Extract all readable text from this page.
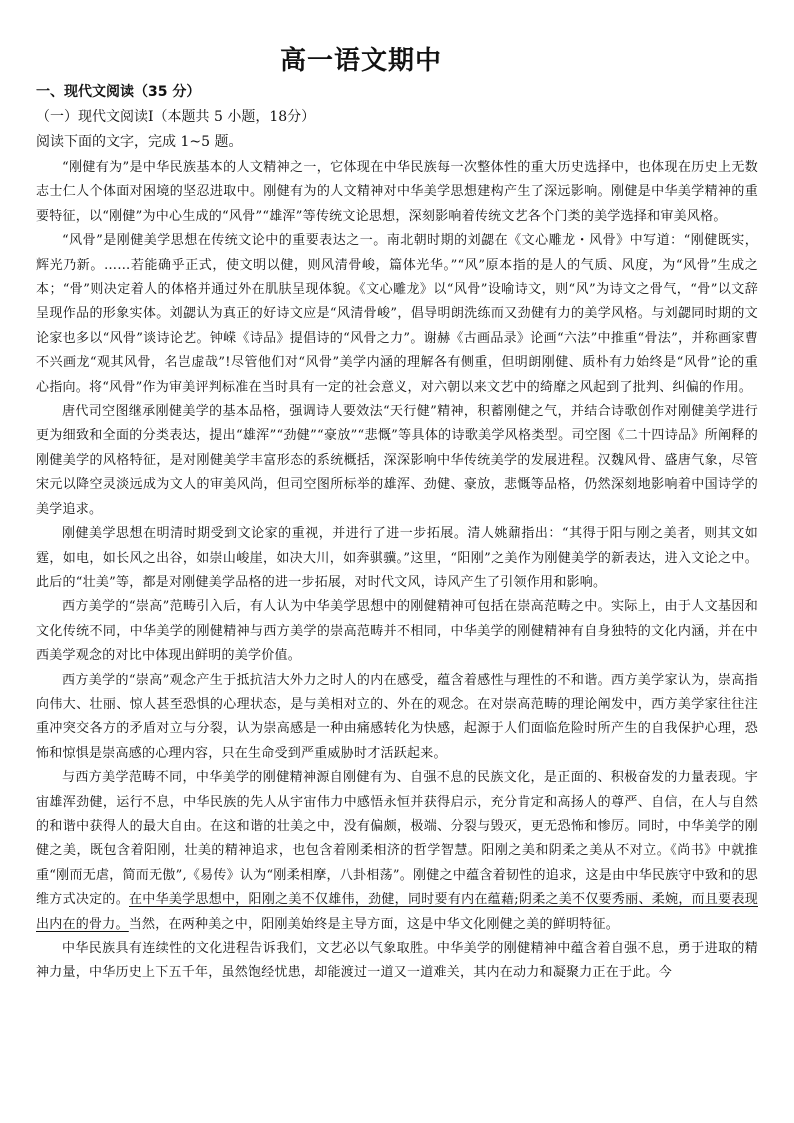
高一语文期中
一、现代文阅读（35 分）
（一）现代文阅读Ⅰ（本题共 5 小题，18分）
阅读下面的文字，完成 1~5 题。

“刚健有为”是中华民族基本的人文精神之一，它体现在中华民族每一次整体性的重大历史选择中，也体现在历史上无数志士仁人个体面对困境的坚忍进取中。刚健有为的人文精神对中华美学思想建构产生了深远影响。刚健是中华美学精神的重要特征，以“刚健”为中心生成的“风骨”“雄浑”等传统文论思想，深刻影响着传统文艺各个门类的美学选择和审美风格。

“风骨”是刚健美学思想在传统文论中的重要表达之一。南北朝时期的刘勰在《文心雕龙・风骨》中写道：“刚健既实，辉光乃新。……若能确乎正式，使文明以健，则风清骨峻，篇体光华。”“风”原本指的是人的气质、风度，为“风骨”生成之本；“骨”则决定着人的体格并通过外在肌肤呈现体貌。《文心雕龙》以“风骨”设喻诗文，则“风”为诗文之骨气，“骨”以文辞呈现作品的形象实体。刘勰认为真正的好诗文应是“风清骨峻”，倡导明朗洗练而又劲健有力的美学风格。与刘勰同时期的文论家也多以“风骨”谈诗论艺。钟嵘《诗品》提倡诗的“风骨之力”。谢赫《古画品录》论画“六法”中推重“骨法”，并称画家曹不兴画龙“观其风骨，名岂虚哉”!尽管他们对“风骨”美学内涵的理解各有侧重，但明朗刚健、质朴有力始终是“风骨”论的重心指向。将“风骨”作为审美评判标准在当时具有一定的社会意义，对六朝以来文艺中的绮靡之风起到了批判、纠偏的作用。

唐代司空图继承刚健美学的基本品格，强调诗人要效法“天行健”精神，积蓄刚健之气，并结合诗歌创作对刚健美学进行更为细致和全面的分类表达，提出“雄浑”“劲健”“豪放”“悲慨”等具体的诗歌美学风格类型。司空图《二十四诗品》所阐释的刚健美学的风格特征，是对刚健美学丰富形态的系统概括，深深影响中华传统美学的发展进程。汉魏风骨、盛唐气象，尽管宋元以降空灵淡远成为文人的审美风尚，但司空图所标举的雄浑、劲健、豪放，悲慨等品格，仍然深刻地影响着中国诗学的美学追求。

刚健美学思想在明清时期受到文论家的重视，并进行了进一步拓展。清人姚鼐指出：“其得于阳与刚之美者，则其文如霆，如电，如长风之出谷，如崇山峻崖，如决大川，如奔骐骥。”这里，“阳刚”之美作为刚健美学的新表达，进入文论之中。此后的“壮美”等，都是对刚健美学品格的进一步拓展，对时代文风，诗风产生了引领作用和影响。

西方美学的“崇高”范畴引入后，有人认为中华美学思想中的刚健精神可包括在崇高范畴之中。实际上，由于人文基因和文化传统不同，中华美学的刚健精神与西方美学的崇高范畴并不相同，中华美学的刚健精神有自身独特的文化内涵，并在中西美学观念的对比中体现出鲜明的美学价值。

西方美学的“崇高”观念产生于抵抗洁大外力之时人的内在感受，蕴含着感性与理性的不和谐。西方美学家认为，崇高指向伟大、壮丽、惊人甚至恐惧的心理状态，是与美相对立的、外在的观念。在对崇高范畴的理论阐发中，西方美学家往往注重冲突交各方的矛盾对立与分裂，认为崇高感是一种由痛感转化为快感，起源于人们面临危险时所产生的自我保护心理，恐怖和惊惧是崇高感的心理内容，只在生命受到严重威胁时才活跃起来。

与西方美学范畴不同，中华美学的刚健精神源自刚健有为、自强不息的民族文化，是正面的、积极奋发的力量表现。宇宙雄浑劲健，运行不息，中华民族的先人从宇宙伟力中感悟永恒并获得启示，充分肯定和高扬人的尊严、自信，在人与自然的和谐中获得人的最大自由。在这和谐的壮美之中，没有偏颇，极端、分裂与毁灭，更无恐怖和惨厉。同时，中华美学的刚健之美，既包含着阳刚，壮美的精神追求，也包含着刚柔相济的哲学智慧。阳刚之美和阴柔之美从不对立。《尚书》中就推重“刚而无虐，简而无傲”,《易传》认为“刚柔相摩，八卦相荡”。刚健之中蕴含着韧性的追求，这是由中华民族守中致和的思维方式决定的。在中华美学思想中，阳刚之美不仅雄伟，劲健，同时要有内在蕴藉;阴柔之美不仅要秀丽、柔婉，而且要表现出内在的骨力。当然，在两种美之中，阳刚美始终是主导方面，这是中华文化刚健之美的鲜明特征。

中华民族具有连续性的文化进程告诉我们，文艺必以气象取胜。中华美学的刚健精神中蕴含着自强不息，勇于进取的精神力量，中华历史上下五千年，虽然饱经忧患，却能渡过一道又一道难关，其内在动力和凝聚力正在于此。今
